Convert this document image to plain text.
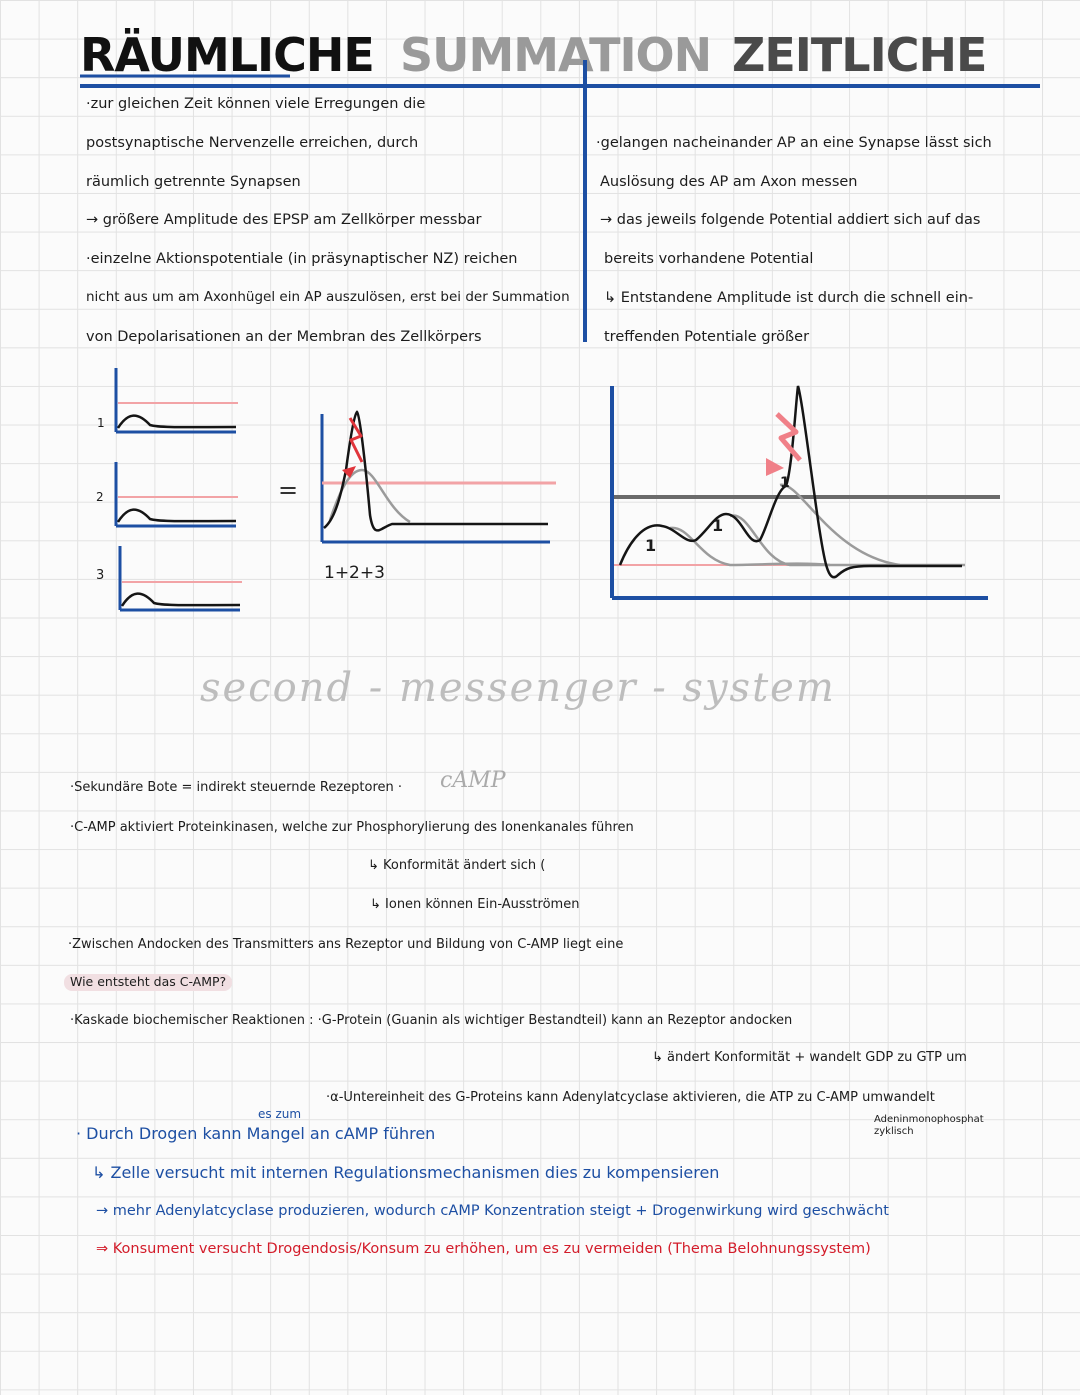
RÄUMLICHE SUMMATION ZEITLICHE
·zur gleichen Zeit können viele Erregungen die
postsynaptische Nervenzelle erreichen, durch
räumlich getrennte Synapsen
→ größere Amplitude des EPSP am Zellkörper messbar
·einzelne Aktionspotentiale (in präsynaptischer NZ) reichen
nicht aus um am Axonhügel ein AP auszulösen, erst bei der Summation
von Depolarisationen an der Membran des Zellkörpers
·gelangen nacheinander AP an eine Synapse lässt sich
Auslösung des AP am Axon messen
→ das jeweils folgende Potential addiert sich auf das
bereits vorhandene Potential
↳ Entstandene Amplitude ist durch die schnell ein-
treffenden Potentiale größer
1
2
3
=
1+2+3
1
1
1
second - messenger - system
·Sekundäre Bote = indirekt steuernde Rezeptoren · cAMP
·C-AMP aktiviert Proteinkinasen, welche zur Phosphorylierung des Ionenkanales führen
↳ Konformität ändert sich (
↳ Ionen können Ein-Ausströmen
·Zwischen Andocken des Transmitters ans Rezeptor und Bildung von C-AMP liegt eine
Wie entsteht das C-AMP?
·Kaskade biochemischer Reaktionen : ·G-Protein (Guanin als wichtiger Bestandteil) kann an Rezeptor andocken
↳ ändert Konformität + wandelt GDP zu GTP um
·α-Untereinheit des G-Proteins kann Adenylatcyclase aktivieren, die ATP zu C-AMP umwandelt
Adeninmonophosphat
zyklisch
es zum
· Durch Drogen kann Mangel an cAMP führen
↳ Zelle versucht mit internen Regulationsmechanismen dies zu kompensieren
→ mehr Adenylatcyclase produzieren, wodurch cAMP Konzentration steigt + Drogenwirkung wird geschwächt
⇒ Konsument versucht Drogendosis/Konsum zu erhöhen, um es zu vermeiden (Thema Belohnungssystem)
